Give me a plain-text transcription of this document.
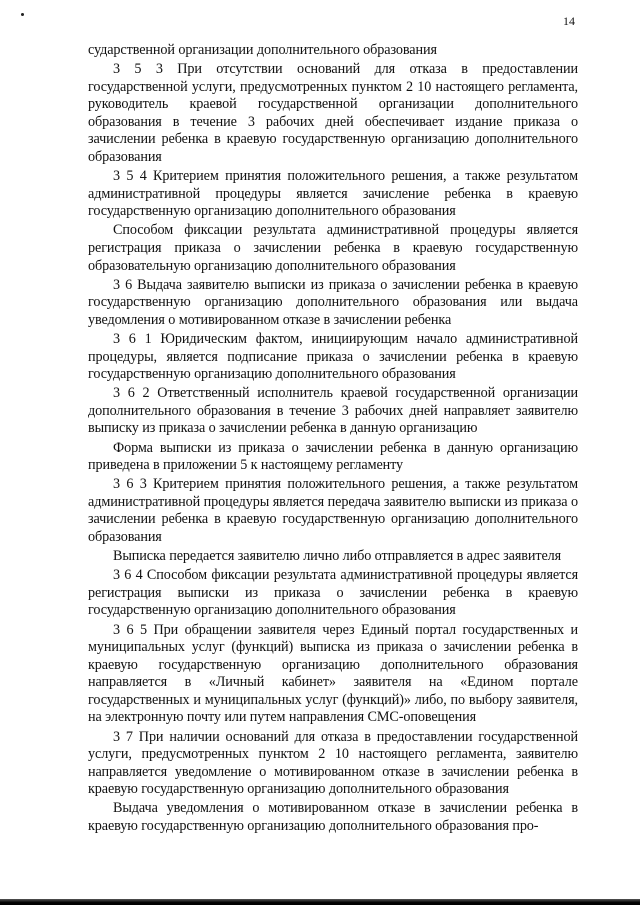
14

сударственной организации дополнительного образования

3 5 3 При отсутствии оснований для отказа в предоставлении государственной услуги, предусмотренных пунктом 2 10 настоящего регламента, руководитель краевой государственной организации дополнительного образования в течение 3 рабочих дней обеспечивает издание приказа о зачислении ребенка в краевую государственную организацию дополнительного образования

3 5 4 Критерием принятия положительного решения, а также результатом административной процедуры является зачисление ребенка в краевую государственную организацию дополнительного образования

Способом фиксации результата административной процедуры является регистрация приказа о зачислении ребенка в краевую государственную образовательную организацию дополнительного образования

3 6 Выдача заявителю выписки из приказа о зачислении ребенка в краевую государственную организацию дополнительного образования или выдача уведомления о мотивированном отказе в зачислении ребенка

3 6 1 Юридическим фактом, инициирующим начало административной процедуры, является подписание приказа о зачислении ребенка в краевую государственную организацию дополнительного образования

3 6 2 Ответственный исполнитель краевой государственной организации дополнительного образования в течение 3 рабочих дней направляет заявителю выписку из приказа о зачислении ребенка в данную организацию

Форма выписки из приказа о зачислении ребенка в данную организацию приведена в приложении 5 к настоящему регламенту

3 6 3 Критерием принятия положительного решения, а также результатом административной процедуры является передача заявителю выписки из приказа о зачислении ребенка в краевую государственную организацию дополнительного образования

Выписка передается заявителю лично либо отправляется в адрес заявителя

3 6 4 Способом фиксации результата административной процедуры является регистрация выписки из приказа о зачислении ребенка в краевую государственную организацию дополнительного образования

3 6 5 При обращении заявителя через Единый портал государственных и муниципальных услуг (функций) выписка из приказа о зачислении ребенка в краевую государственную организацию дополнительного образования направляется в «Личный кабинет» заявителя на «Едином портале государственных и муниципальных услуг (функций)» либо, по выбору заявителя, на электронную почту или путем направления СМС-оповещения

3 7 При наличии оснований для отказа в предоставлении государственной услуги, предусмотренных пунктом 2 10 настоящего регламента, заявителю направляется уведомление о мотивированном отказе в зачислении ребенка в краевую государственную организацию дополнительного образования

Выдача уведомления о мотивированном отказе в зачислении ребенка в краевую государственную организацию дополнительного образования про-
